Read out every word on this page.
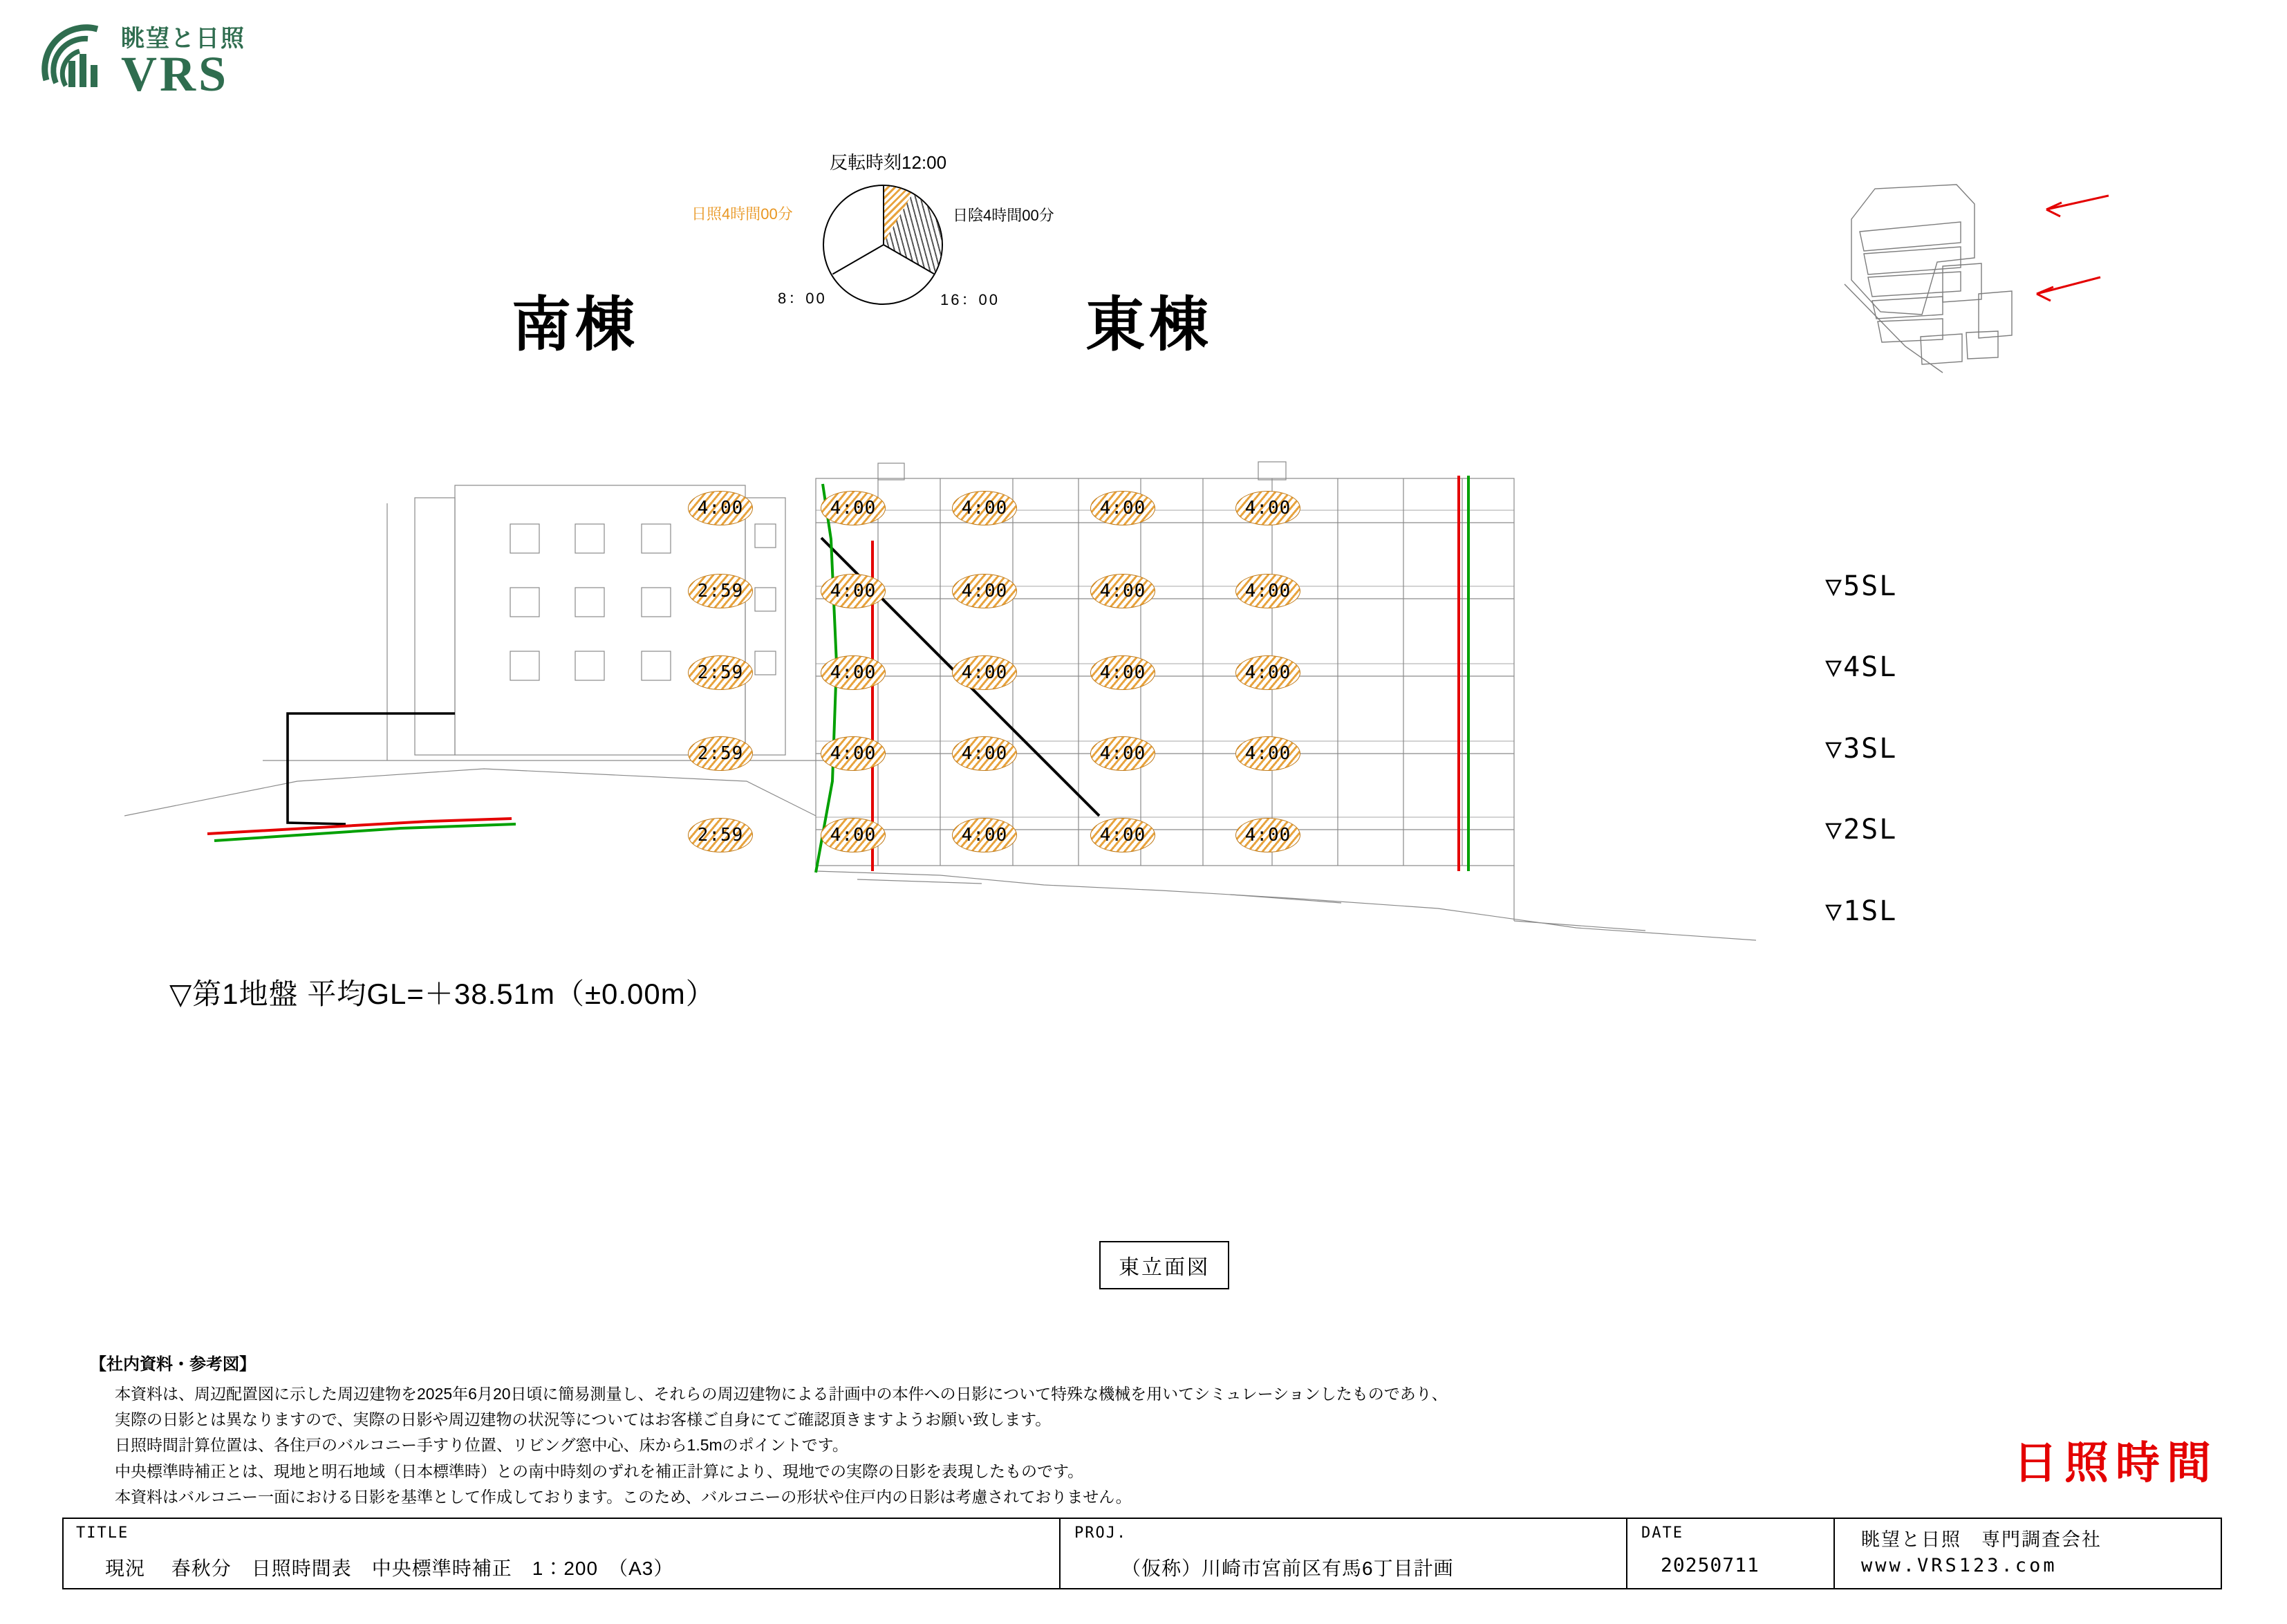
眺望と日照
VRS
反転時刻12:00
日照4時間00分	日陰4時間00分
8：00	16：00
南棟	東棟
4:00	4:00	4:00	4:00	4:00
2:59	4:00	4:00	4:00	4:00
2:59	4:00	4:00	4:00	4:00
2:59	4:00	4:00	4:00	4:00
2:59	4:00	4:00	4:00	4:00
▽5SL
▽4SL
▽3SL
▽2SL
▽1SL
▽第1地盤 平均GL=＋38.51m（±0.00m）
東立面図
【社内資料・参考図】

本資料は、周辺配置図に示した周辺建物を2025年6月20日頃に簡易測量し、それらの周辺建物による計画中の本件への日影について特殊な機械を用いてシミュレーションしたものであり、

実際の日影とは異なりますので、実際の日影や周辺建物の状況等についてはお客様ご自身にてご確認頂きますようお願い致します。

日照時間計算位置は、各住戸のバルコニー手すり位置、リビング窓中心、床から1.5mのポイントです。

中央標準時補正とは、現地と明石地域（日本標準時）との南中時刻のずれを補正計算により、現地での実際の日影を表現したものです。

本資料はバルコニー一面における日影を基準として作成しております。このため、バルコニーの形状や住戸内の日影は考慮されておりません。

日照時間
TITLE
現況　 春秋分　日照時間表　中央標準時補正　1：200　（A3）
PROJ.
（仮称）川崎市宮前区有馬6丁目計画
DATE
20250711
眺望と日照　専門調査会社
www.VRS123.com
